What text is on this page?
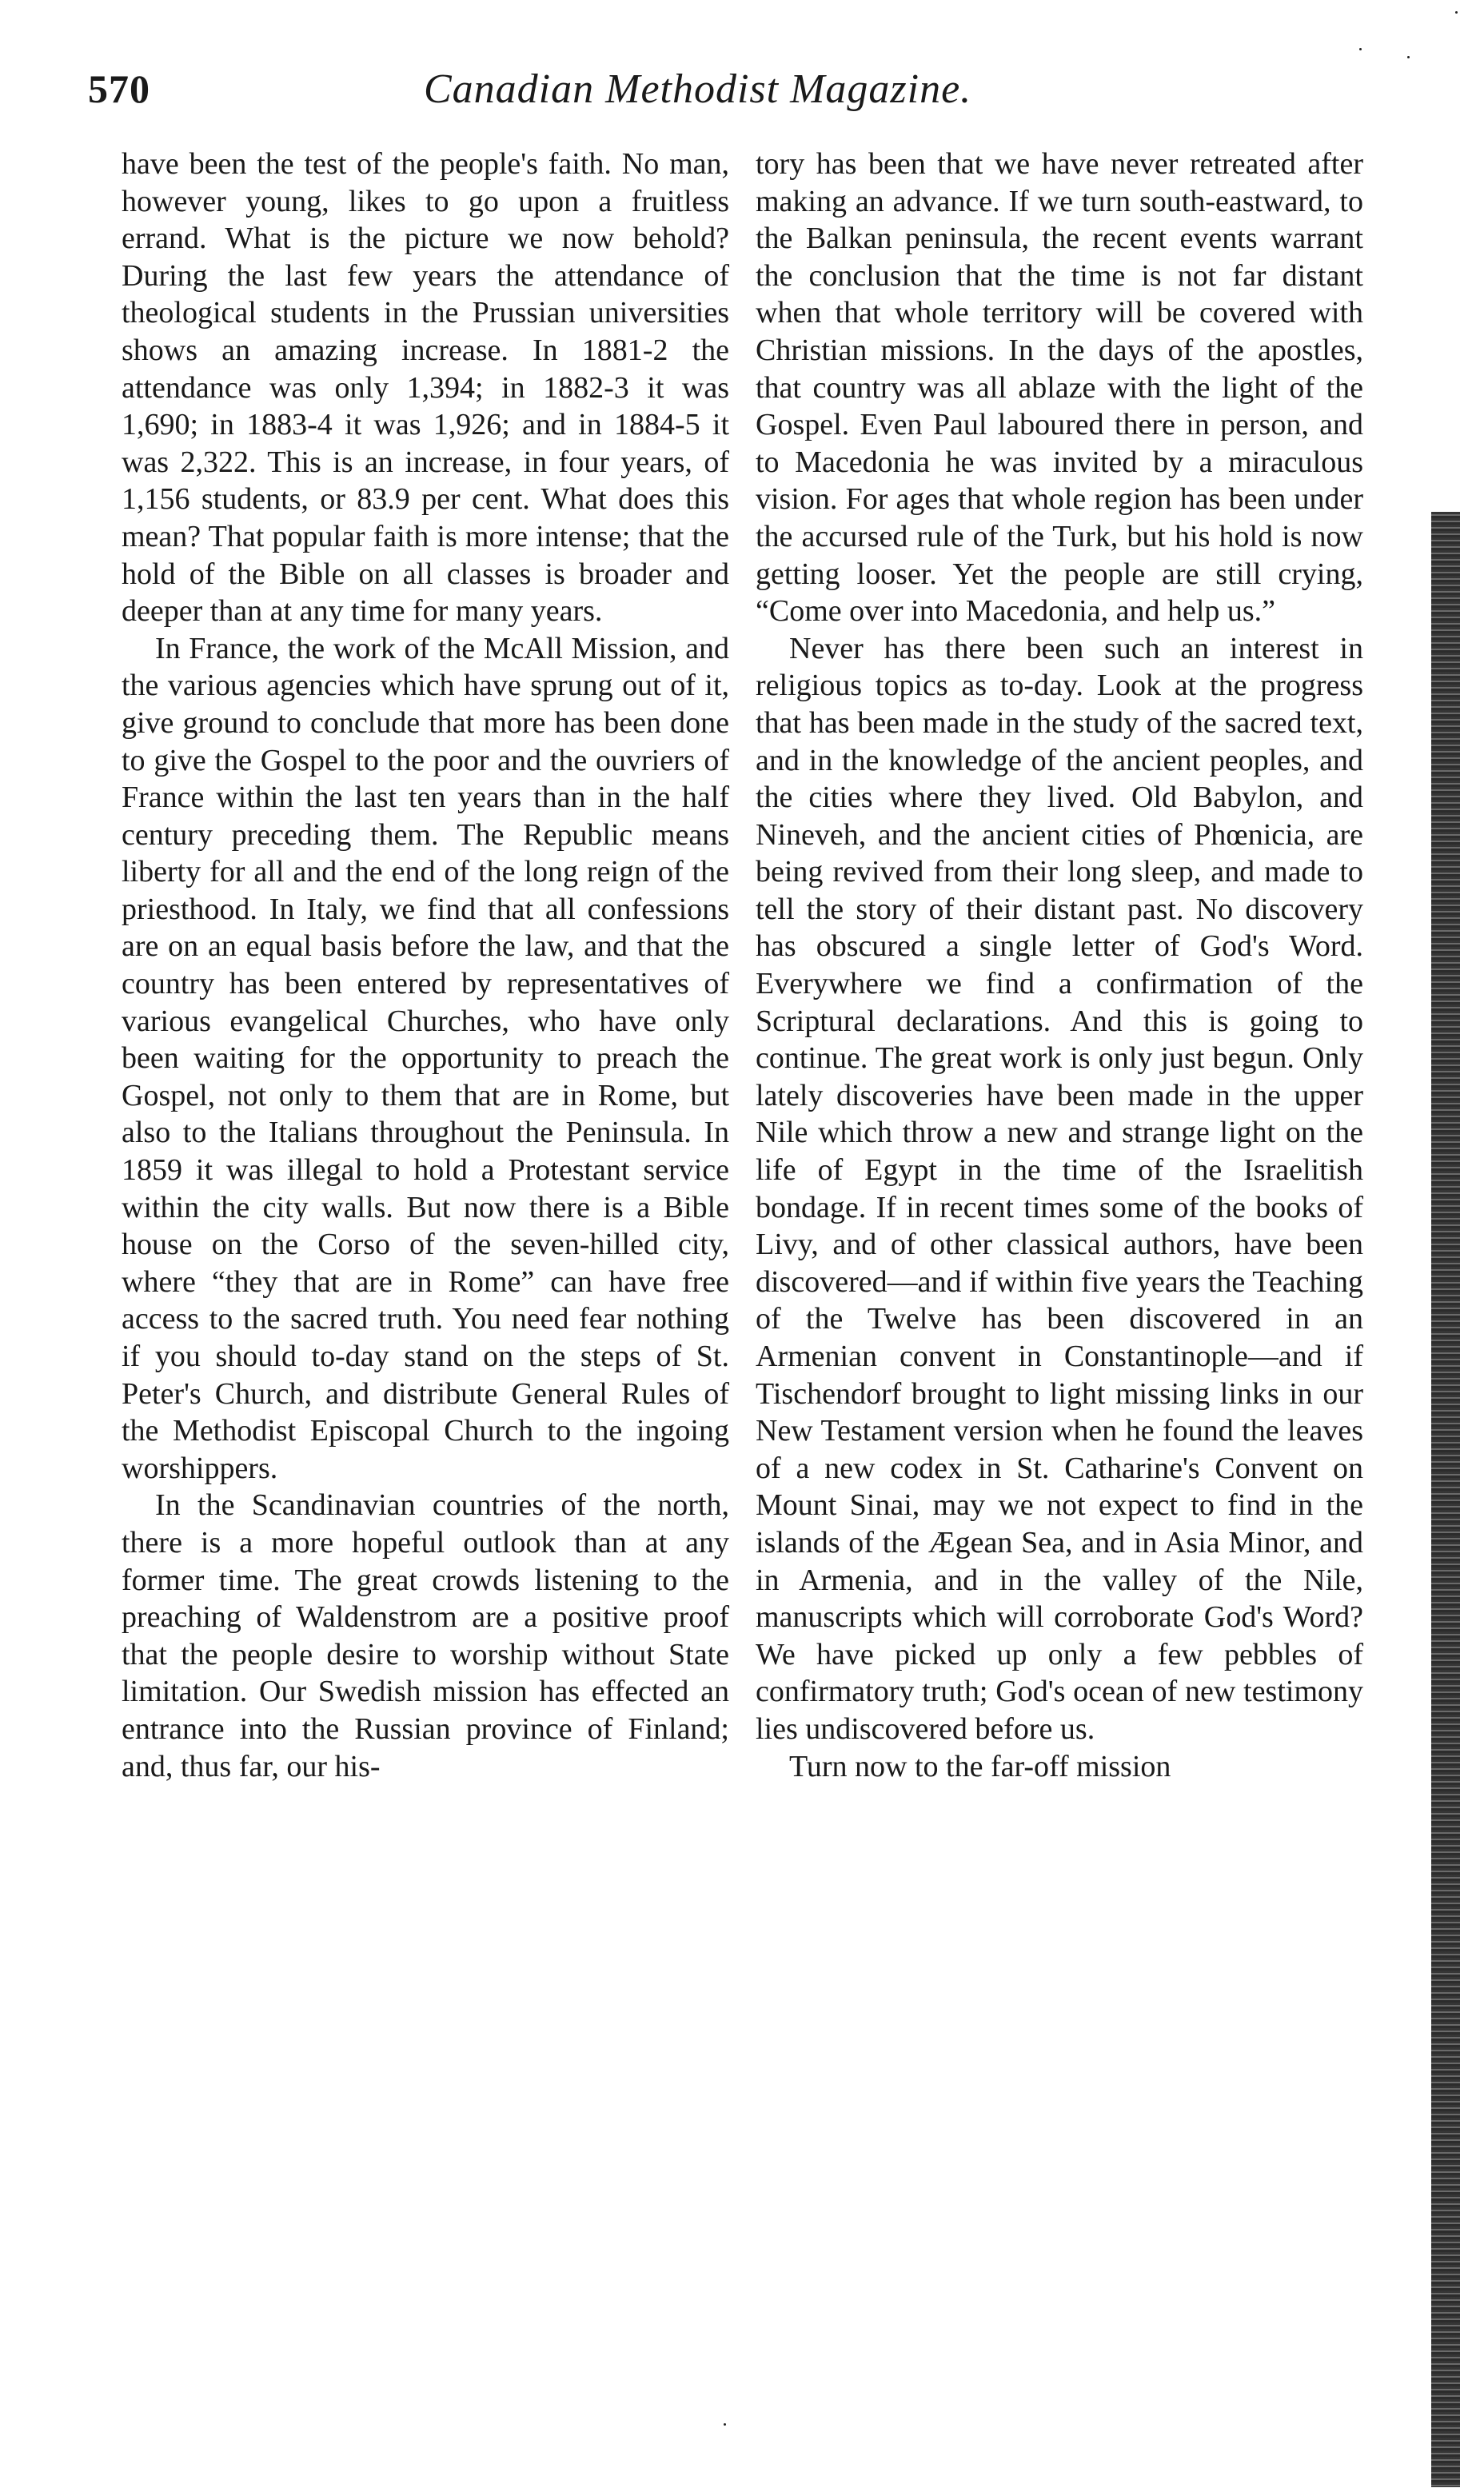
570	Canadian Methodist Magazine.

have been the test of the people's faith. No man, however young, likes to go upon a fruitless errand. What is the picture we now behold? During the last few years the attendance of theological students in the Prussian universities shows an amazing increase. In 1881-2 the attendance was only 1,394; in 1882-3 it was 1,690; in 1883-4 it was 1,926; and in 1884-5 it was 2,322. This is an increase, in four years, of 1,156 students, or 83.9 per cent. What does this mean? That popular faith is more intense; that the hold of the Bible on all classes is broader and deeper than at any time for many years.

In France, the work of the McAll Mission, and the various agencies which have sprung out of it, give ground to conclude that more has been done to give the Gospel to the poor and the ouvriers of France within the last ten years than in the half century preceding them. The Republic means liberty for all and the end of the long reign of the priesthood. In Italy, we find that all confessions are on an equal basis before the law, and that the country has been entered by representatives of various evangelical Churches, who have only been waiting for the opportunity to preach the Gospel, not only to them that are in Rome, but also to the Italians throughout the Peninsula. In 1859 it was illegal to hold a Protestant service within the city walls. But now there is a Bible house on the Corso of the seven-hilled city, where “they that are in Rome” can have free access to the sacred truth. You need fear nothing if you should to-day stand on the steps of St. Peter's Church, and distribute General Rules of the Methodist Episcopal Church to the ingoing worshippers.

In the Scandinavian countries of the north, there is a more hopeful outlook than at any former time. The great crowds listening to the preaching of Waldenstrom are a positive proof that the people desire to worship without State limitation. Our Swedish mission has effected an entrance into the Russian province of Finland; and, thus far, our his-

tory has been that we have never retreated after making an advance. If we turn south-eastward, to the Balkan peninsula, the recent events warrant the conclusion that the time is not far distant when that whole territory will be covered with Christian missions. In the days of the apostles, that country was all ablaze with the light of the Gospel. Even Paul laboured there in person, and to Macedonia he was invited by a miraculous vision. For ages that whole region has been under the accursed rule of the Turk, but his hold is now getting looser. Yet the people are still crying, “Come over into Macedonia, and help us.”

Never has there been such an interest in religious topics as to-day. Look at the progress that has been made in the study of the sacred text, and in the knowledge of the ancient peoples, and the cities where they lived. Old Babylon, and Nineveh, and the ancient cities of Phœnicia, are being revived from their long sleep, and made to tell the story of their distant past. No discovery has obscured a single letter of God's Word. Everywhere we find a confirmation of the Scriptural declarations. And this is going to continue. The great work is only just begun. Only lately discoveries have been made in the upper Nile which throw a new and strange light on the life of Egypt in the time of the Israelitish bondage. If in recent times some of the books of Livy, and of other classical authors, have been discovered—and if within five years the Teaching of the Twelve has been discovered in an Armenian convent in Constantinople—and if Tischendorf brought to light missing links in our New Testament version when he found the leaves of a new codex in St. Catharine's Convent on Mount Sinai, may we not expect to find in the islands of the Ægean Sea, and in Asia Minor, and in Armenia, and in the valley of the Nile, manuscripts which will corroborate God's Word? We have picked up only a few pebbles of confirmatory truth; God's ocean of new testimony lies undiscovered before us.

Turn now to the far-off mission
